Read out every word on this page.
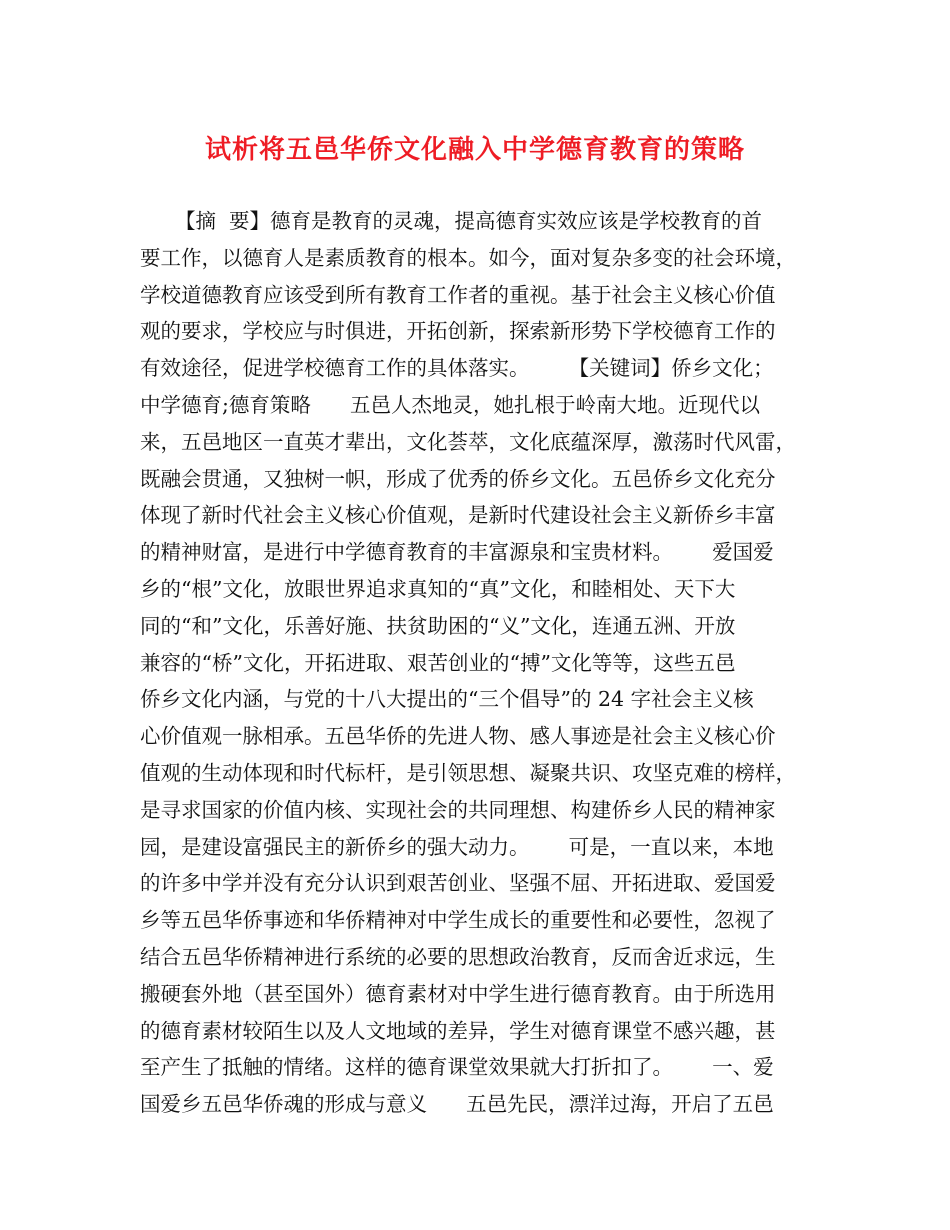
试析将五邑华侨文化融入中学德育教育的策略
【摘  要】德育是教育的灵魂，提高德育实效应该是学校教育的首
要工作，以德育人是素质教育的根本。如今，面对复杂多变的社会环境，
学校道德教育应该受到所有教育工作者的重视。基于社会主义核心价值
观的要求，学校应与时俱进，开拓创新，探索新形势下学校德育工作的
有效途径，促进学校德育工作的具体落实。      【关键词】侨乡文化；
中学德育;德育策略      五邑人杰地灵，她扎根于岭南大地。近现代以
来，五邑地区一直英才辈出，文化荟萃，文化底蕴深厚，激荡时代风雷，
既融会贯通，又独树一帜，形成了优秀的侨乡文化。五邑侨乡文化充分
体现了新时代社会主义核心价值观，是新时代建设社会主义新侨乡丰富
的精神财富，是进行中学德育教育的丰富源泉和宝贵材料。      爱国爱
乡的“根”文化，放眼世界追求真知的“真”文化，和睦相处、天下大
同的“和”文化，乐善好施、扶贫助困的“义”文化，连通五洲、开放
兼容的“桥”文化，开拓进取、艰苦创业的“搏”文化等等，这些五邑
侨乡文化内涵，与党的十八大提出的“三个倡导”的 24 字社会主义核
心价值观一脉相承。五邑华侨的先进人物、感人事迹是社会主义核心价
值观的生动体现和时代标杆，是引领思想、凝聚共识、攻坚克难的榜样，
是寻求国家的价值内核、实现社会的共同理想、构建侨乡人民的精神家
园，是建设富强民主的新侨乡的强大动力。      可是，一直以来，本地
的许多中学并没有充分认识到艰苦创业、坚强不屈、开拓进取、爱国爱
乡等五邑华侨事迹和华侨精神对中学生成长的重要性和必要性，忽视了
结合五邑华侨精神进行系统的必要的思想政治教育，反而舍近求远，生
搬硬套外地（甚至国外）德育素材对中学生进行德育教育。由于所选用
的德育素材较陌生以及人文地域的差异，学生对德育课堂不感兴趣，甚
至产生了抵触的情绪。这样的德育课堂效果就大打折扣了。      一、爱
国爱乡五邑华侨魂的形成与意义      五邑先民，漂洋过海，开启了五邑
